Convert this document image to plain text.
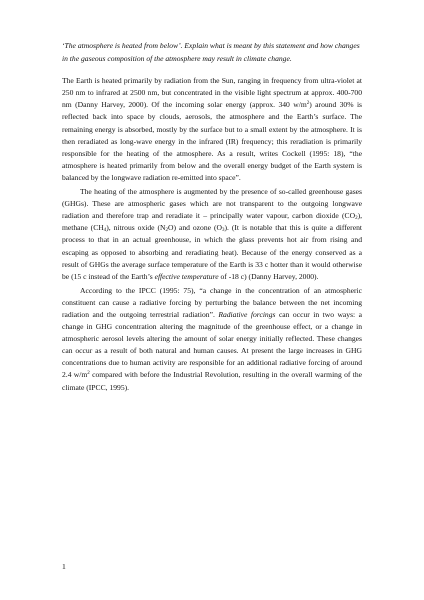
‘The atmosphere is heated from below’. Explain what is meant by this statement and how changes in the gaseous composition of the atmosphere may result in climate change.

The Earth is heated primarily by radiation from the Sun, ranging in frequency from ultra-violet at 250 nm to infrared at 2500 nm, but concentrated in the visible light spectrum at approx. 400-700 nm (Danny Harvey, 2000). Of the incoming solar energy (approx. 340 $w/m^2$) around 30% is reflected back into space by clouds, aerosols, the atmosphere and the Earth’s surface. The remaining energy is absorbed, mostly by the surface but to a small extent by the atmosphere. It is then reradiated as long-wave energy in the infrared (IR) frequency; this reradiation is primarily responsible for the heating of the atmosphere. As a result, writes Cockell (1995: 18), “the atmosphere is heated primarily from below and the overall energy budget of the Earth system is balanced by the longwave radiation re-emitted into space”.

The heating of the atmosphere is augmented by the presence of so-called greenhouse gases (GHGs). These are atmospheric gases which are not transparent to the outgoing longwave radiation and therefore trap and reradiate it – principally water vapour, carbon dioxide $(CO_2)$, methane $(CH_4)$, nitrous oxide $(N_2O)$ and ozone $(O_3)$. (It is notable that this is quite a different process to that in an actual greenhouse, in which the glass prevents hot air from rising and escaping as opposed to absorbing and reradiating heat). Because of the energy conserved as a result of GHGs the average surface temperature of the Earth is 33 c hotter than it would otherwise be (15 c instead of the Earth’s effective temperature of -18 c) (Danny Harvey, 2000).

According to the IPCC (1995: 75), “a change in the concentration of an atmospheric constituent can cause a radiative forcing by perturbing the balance between the net incoming radiation and the outgoing terrestrial radiation”. Radiative forcings can occur in two ways: a change in GHG concentration altering the magnitude of the greenhouse effect, or a change in atmospheric aerosol levels altering the amount of solar energy initially reflected. These changes can occur as a result of both natural and human causes. At present the large increases in GHG concentrations due to human activity are responsible for an additional radiative forcing of around 2.4 $w/m^2$ compared with before the Industrial Revolution, resulting in the overall warming of the climate (IPCC, 1995).

1
